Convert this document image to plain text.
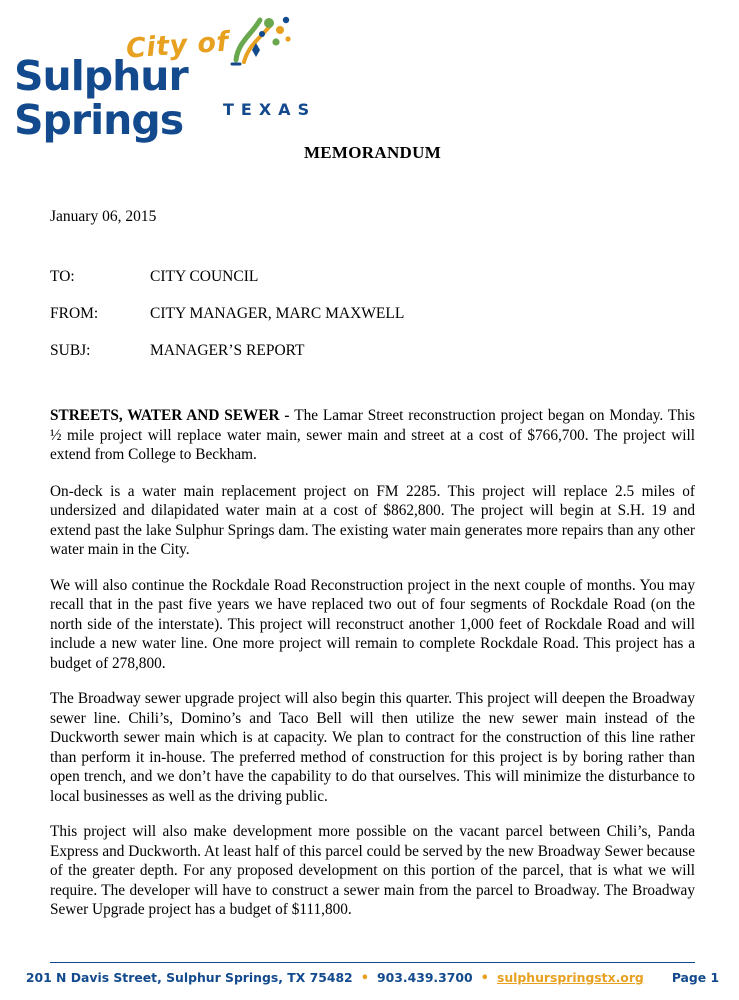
City of
Sulphur Springs	TEXAS
MEMORANDUM
January 06, 2015
TO:	CITY COUNCIL
FROM:	CITY MANAGER, MARC MAXWELL
SUBJ:	MANAGER’S REPORT

STREETS, WATER AND SEWER - The Lamar Street reconstruction project began on Monday. This ½ mile project will replace water main, sewer main and street at a cost of $766,700. The project will extend from College to Beckham.

On-deck is a water main replacement project on FM 2285. This project will replace 2.5 miles of undersized and dilapidated water main at a cost of $862,800. The project will begin at S.H. 19 and extend past the lake Sulphur Springs dam. The existing water main generates more repairs than any other water main in the City.

We will also continue the Rockdale Road Reconstruction project in the next couple of months. You may recall that in the past five years we have replaced two out of four segments of Rockdale Road (on the north side of the interstate). This project will reconstruct another 1,000 feet of Rockdale Road and will include a new water line. One more project will remain to complete Rockdale Road. This project has a budget of 278,800.

The Broadway sewer upgrade project will also begin this quarter. This project will deepen the Broadway sewer line. Chili’s, Domino’s and Taco Bell will then utilize the new sewer main instead of the Duckworth sewer main which is at capacity. We plan to contract for the construction of this line rather than perform it in-house. The preferred method of construction for this project is by boring rather than open trench, and we don’t have the capability to do that ourselves. This will minimize the disturbance to local businesses as well as the driving public.

This project will also make development more possible on the vacant parcel between Chili’s, Panda Express and Duckworth. At least half of this parcel could be served by the new Broadway Sewer because of the greater depth. For any proposed development on this portion of the parcel, that is what we will require. The developer will have to construct a sewer main from the parcel to Broadway. The Broadway Sewer Upgrade project has a budget of $111,800.

201 N Davis Street, Sulphur Springs, TX 75482 • 903.439.3700 • sulphurspringstx.org Page 1
